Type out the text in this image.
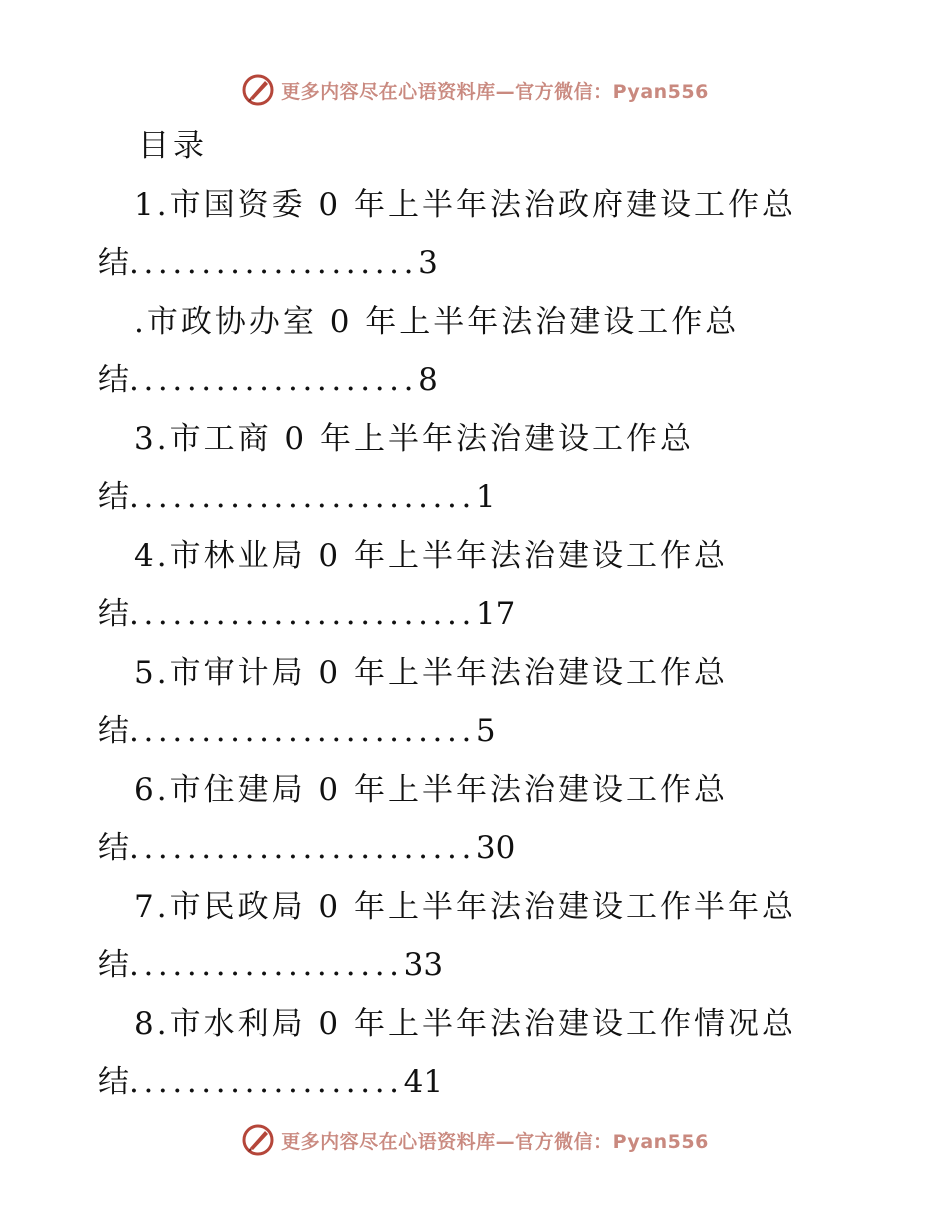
更多内容尽在心语资料库—官方微信：Pyan556
目录
1.市国资委 0 年上半年法治政府建设工作总
结....................3
.市政协办室 0 年上半年法治建设工作总
结....................8
3.市工商 0 年上半年法治建设工作总
结........................1
4.市林业局 0 年上半年法治建设工作总
结........................17
5.市审计局 0 年上半年法治建设工作总
结........................5
6.市住建局 0 年上半年法治建设工作总
结........................30
7.市民政局 0 年上半年法治建设工作半年总
结...................33
8.市水利局 0 年上半年法治建设工作情况总
结...................41
更多内容尽在心语资料库—官方微信：Pyan556
